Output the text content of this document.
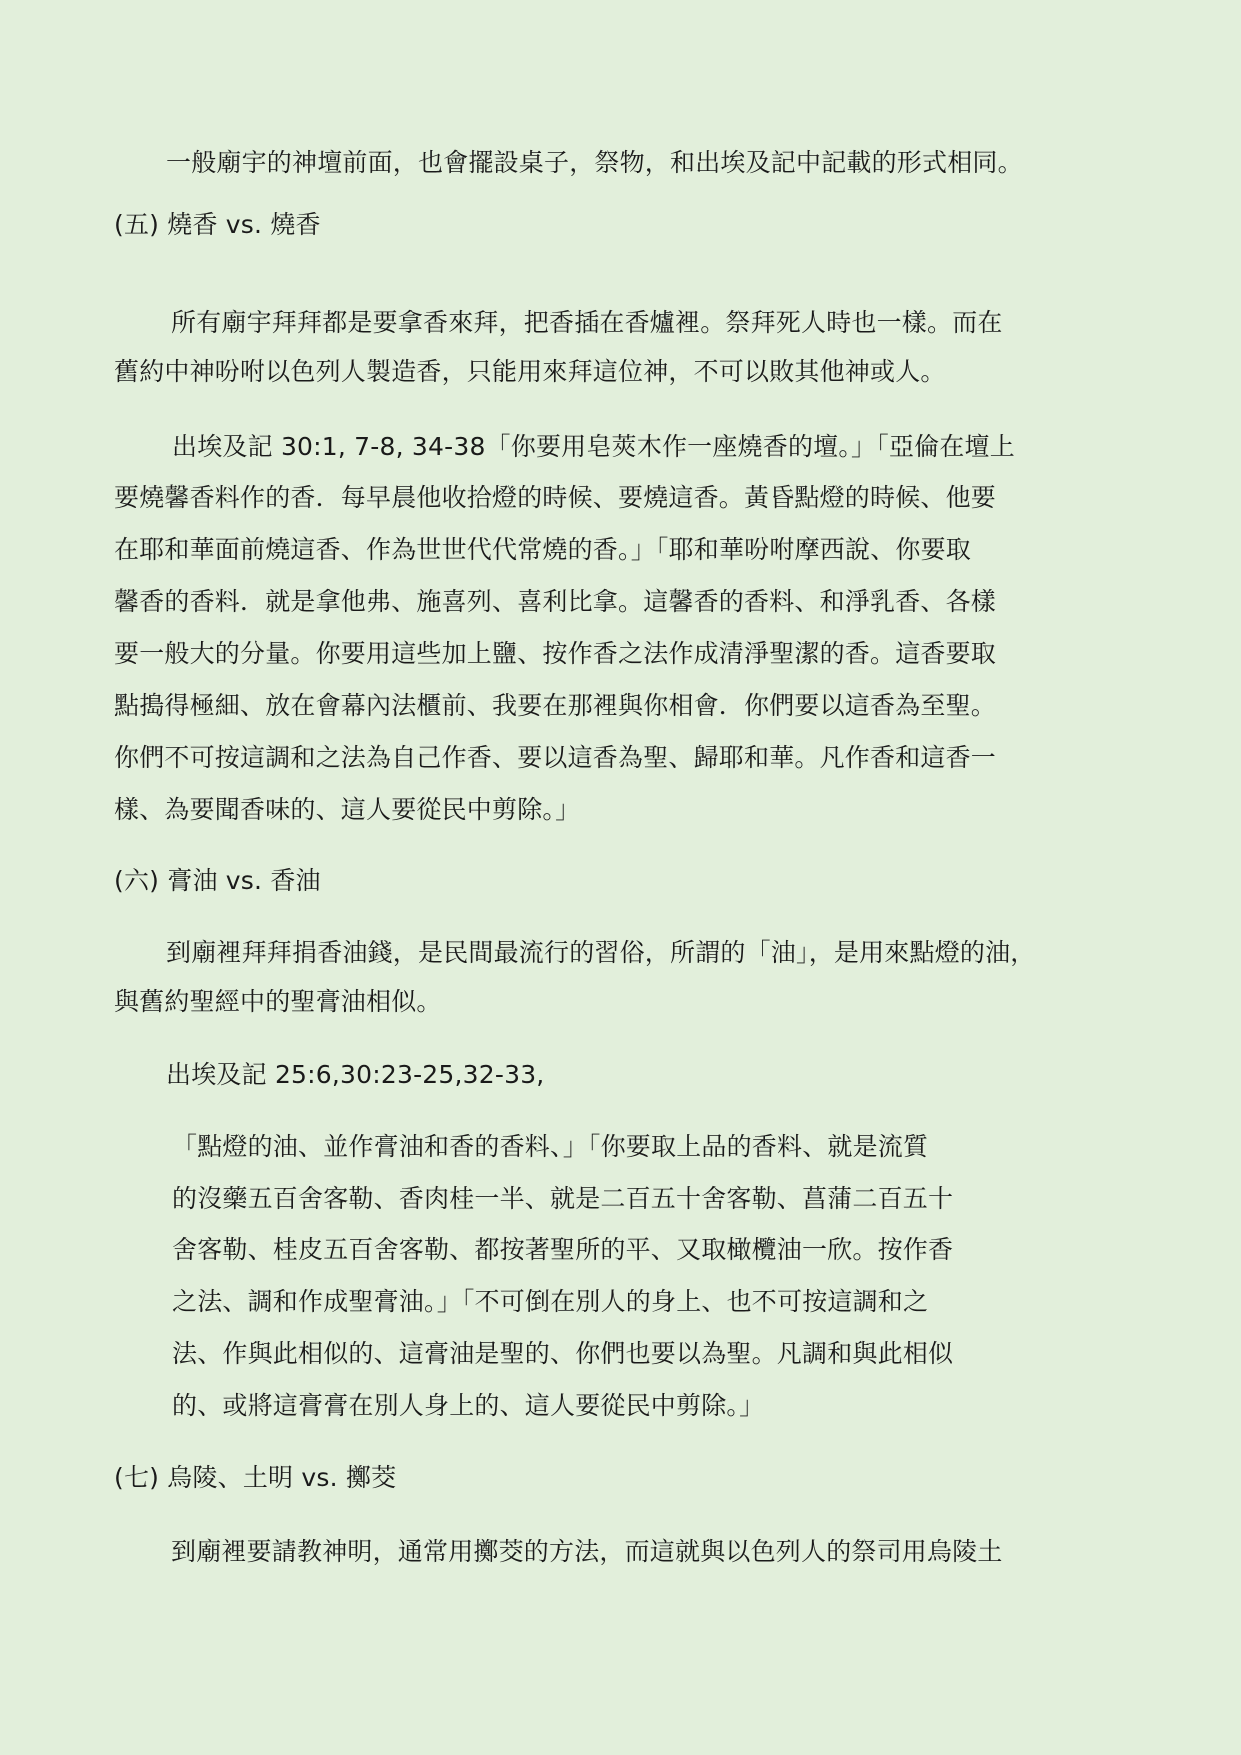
一般廟宇的神壇前面，也會擺設桌子，祭物，和出埃及記中記載的形式相同。
(五) 燒香 vs. 燒香
所有廟宇拜拜都是要拿香來拜，把香插在香爐裡。祭拜死人時也一樣。而在
舊約中神吩咐以色列人製造香，只能用來拜這位神，不可以敗其他神或人。
出埃及記 30:1, 7-8, 34-38「你要用皂莢木作一座燒香的壇。」「亞倫在壇上
要燒馨香料作的香．每早晨他收拾燈的時候、要燒這香。黃昏點燈的時候、他要
在耶和華面前燒這香、作為世世代代常燒的香。」「耶和華吩咐摩西說、你要取
馨香的香料．就是拿他弗、施喜列、喜利比拿。這馨香的香料、和淨乳香、各樣
要一般大的分量。你要用這些加上鹽、按作香之法作成清淨聖潔的香。這香要取
點搗得極細、放在會幕內法櫃前、我要在那裡與你相會．你們要以這香為至聖。
你們不可按這調和之法為自己作香、要以這香為聖、歸耶和華。凡作香和這香一
樣、為要聞香味的、這人要從民中剪除。」
(六) 膏油 vs. 香油
到廟裡拜拜捐香油錢，是民間最流行的習俗，所謂的「油」，是用來點燈的油，
與舊約聖經中的聖膏油相似。
出埃及記 25:6,30:23-25,32-33,
「點燈的油、並作膏油和香的香料、」「你要取上品的香料、就是流質
的沒藥五百舍客勒、香肉桂一半、就是二百五十舍客勒、菖蒲二百五十
舍客勒、桂皮五百舍客勒、都按著聖所的平、又取橄欖油一欣。按作香
之法、調和作成聖膏油。」「不可倒在別人的身上、也不可按這調和之
法、作與此相似的、這膏油是聖的、你們也要以為聖。凡調和與此相似
的、或將這膏膏在別人身上的、這人要從民中剪除。」
(七) 烏陵、土明 vs. 擲茭
到廟裡要請教神明，通常用擲茭的方法，而這就與以色列人的祭司用烏陵土
